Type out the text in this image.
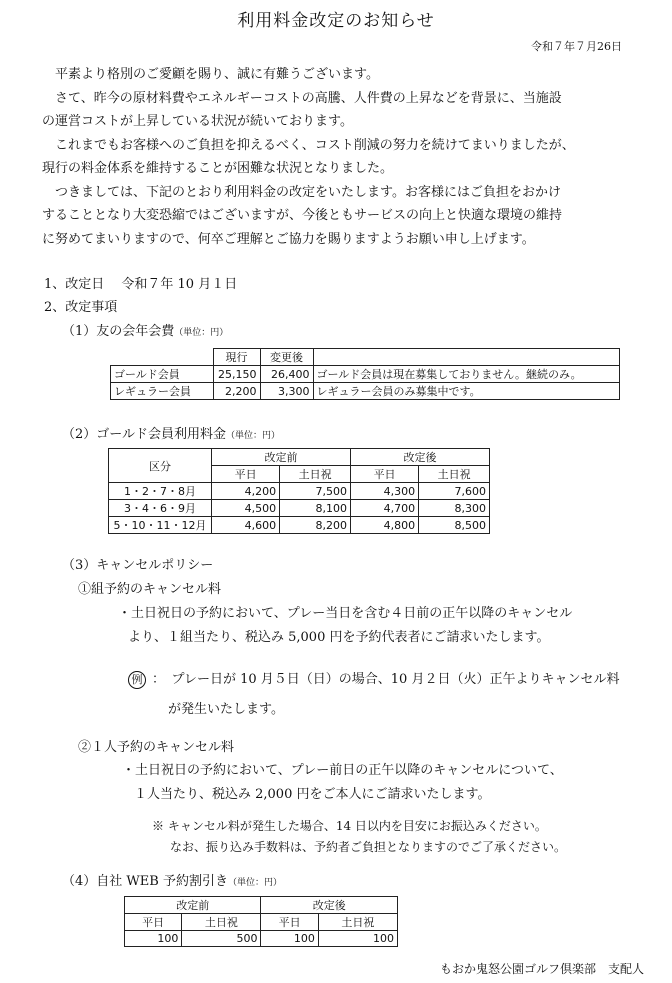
利用料金改定のお知らせ
令和７年７月26日

平素より格別のご愛顧を賜り、誠に有難うございます。

さて、昨今の原材料費やエネルギーコストの高騰、人件費の上昇などを背景に、当施設

の運営コストが上昇している状況が続いております。

これまでもお客様へのご負担を抑えるべく、コスト削減の努力を続けてまいりましたが、

現行の料金体系を維持することが困難な状況となりました。

つきましては、下記のとおり利用料金の改定をいたします。お客様にはご負担をおかけ

することとなり大変恐縮ではございますが、今後ともサービスの向上と快適な環境の維持

に努めてまいりますので、何卒ご理解とご協力を賜りますようお願い申し上げます。

1、改定日　 令和７年 10 月１日
2、改定事項
（1）友の会年会費（単位：円）
	現行	変更後	
ゴールド会員	25,150	26,400	ゴールド会員は現在募集しておりません。継続のみ。
レギュラー会員	2,200	3,300	レギュラー会員のみ募集中です。
（2）ゴールド会員利用料金（単位：円）
区分	改定前		改定後	
	平日	土日祝	平日	土日祝
1・2・7・8月	4,200	7,500	4,300	7,600
3・4・6・9月	4,500	8,100	4,700	8,300
5・10・11・12月	4,600	8,200	4,800	8,500
（3）キャンセルポリシー
①組予約のキャンセル料
・土日祝日の予約において、プレー当日を含む４日前の正午以降のキャンセル
より、１組当たり、税込み 5,000 円を予約代表者にご請求いたします。
例 ：　プレー日が 10 月５日（日）の場合、10 月２日（火）正午よりキャンセル料
が発生いたします。
②１人予約のキャンセル料
・土日祝日の予約において、プレー前日の正午以降のキャンセルについて、
１人当たり、税込み 2,000 円をご本人にご請求いたします。
※ キャンセル料が発生した場合、14 日以内を目安にお振込みください。
なお、振り込み手数料は、予約者ご負担となりますのでご了承ください。
（4）自社 WEB 予約割引き（単位：円）
改定前		改定後	
平日	土日祝	平日	土日祝
100	500	100	100
もおか鬼怒公園ゴルフ倶楽部　支配人
